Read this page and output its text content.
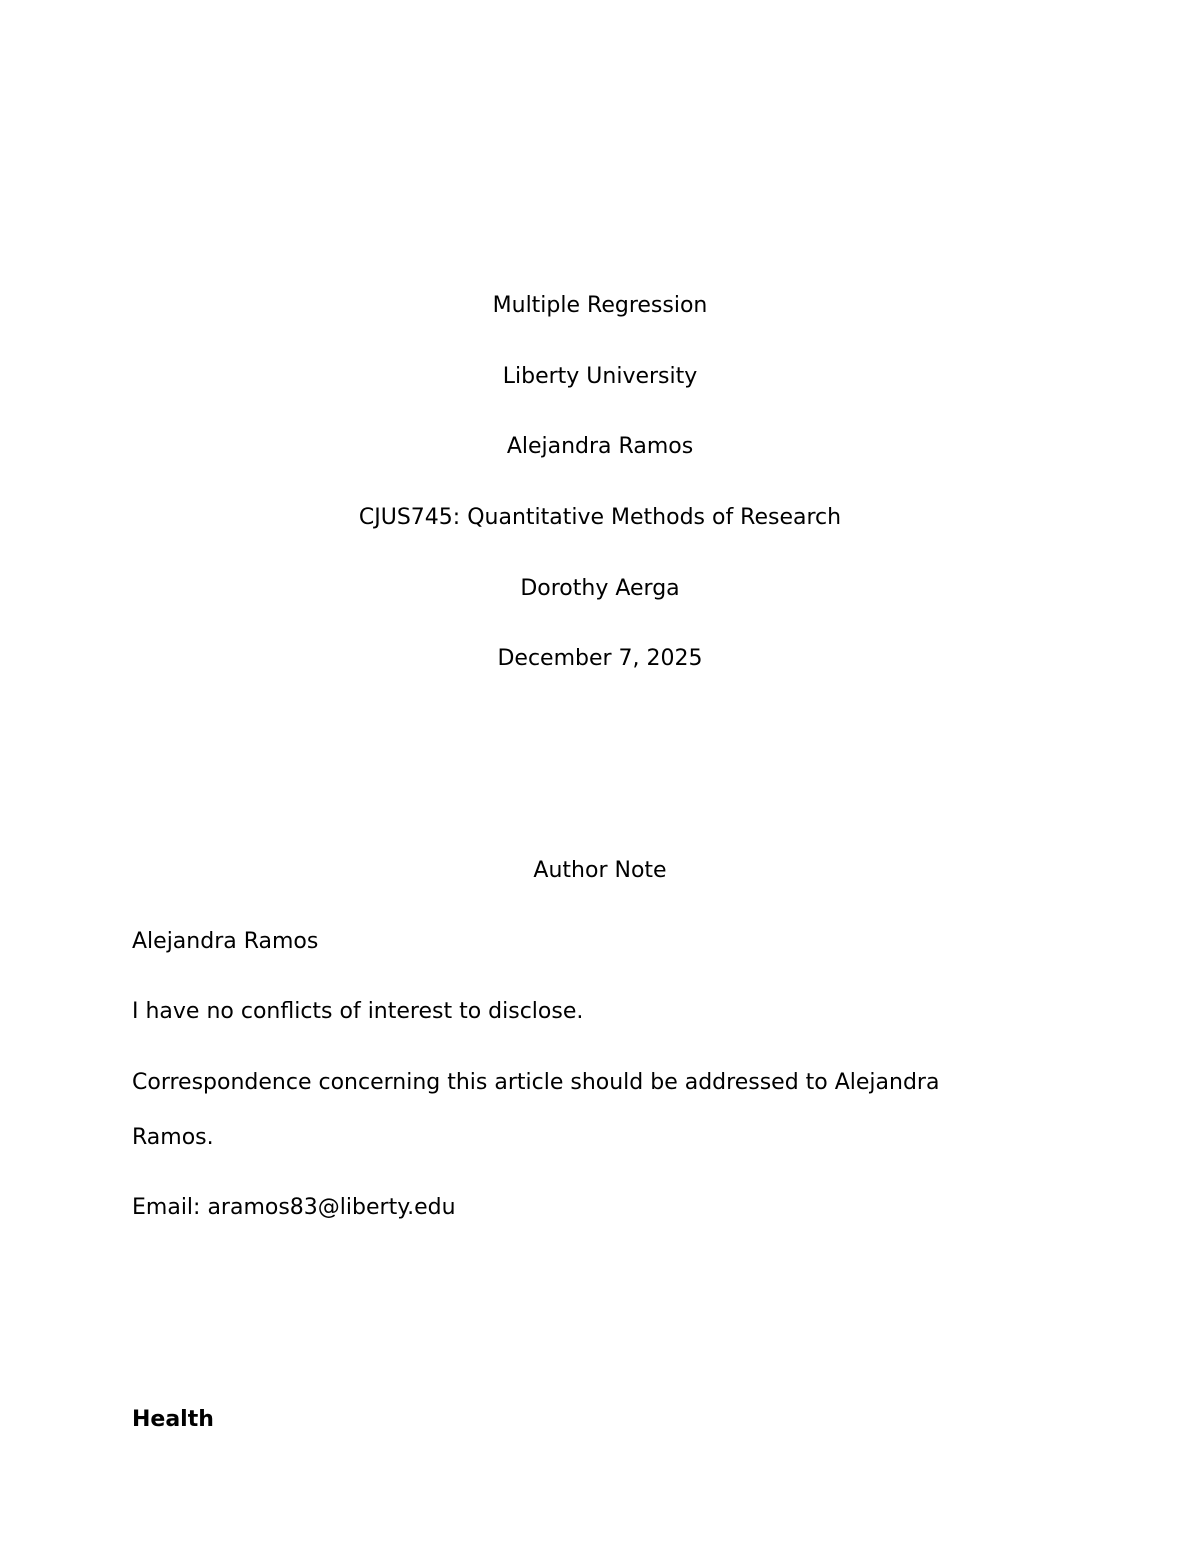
Multiple Regression
Liberty University
Alejandra Ramos
CJUS745: Quantitative Methods of Research
Dorothy Aerga
December 7, 2025
Author Note
Alejandra Ramos
I have no conflicts of interest to disclose.
Correspondence concerning this article should be addressed to Alejandra
Ramos.
Email: aramos83@liberty.edu
Health
